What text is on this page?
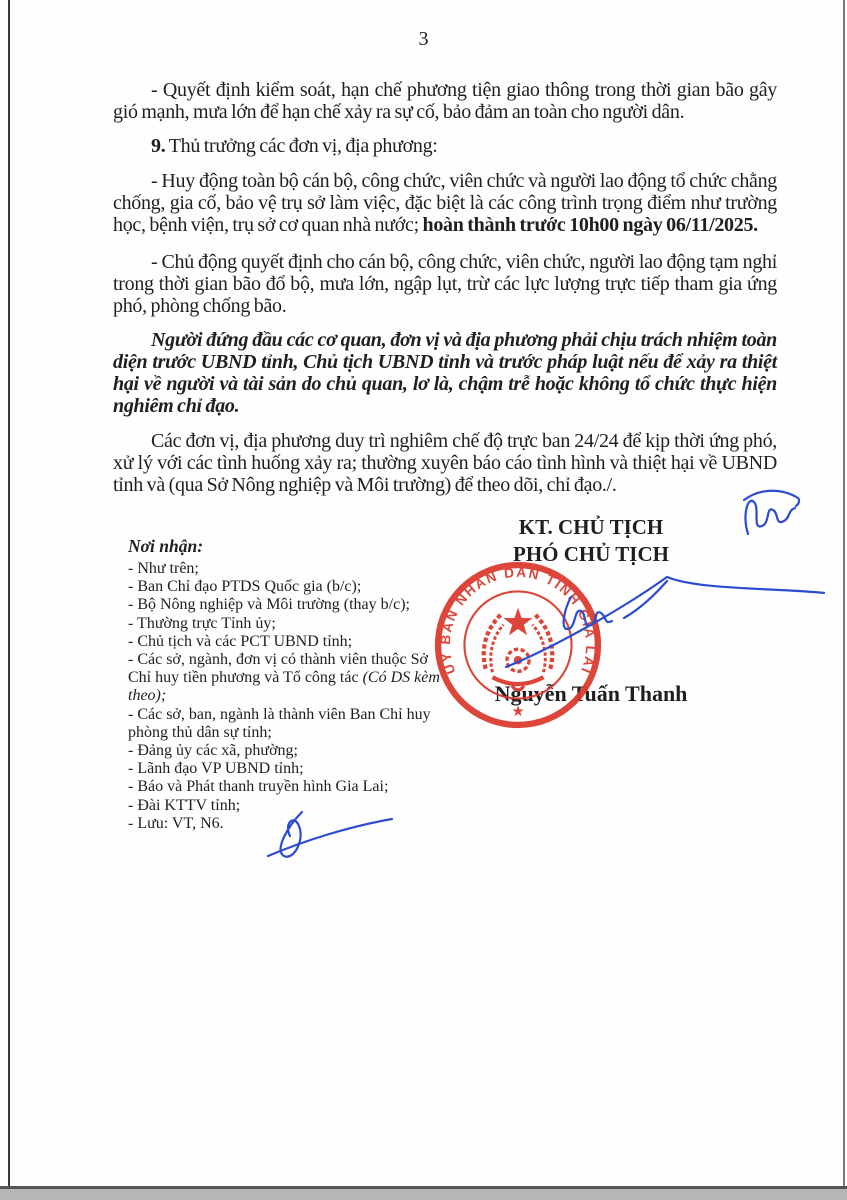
3

- Quyết định kiểm soát, hạn chế phương tiện giao thông trong thời gian bão gây gió mạnh, mưa lớn để hạn chế xảy ra sự cố, bảo đảm an toàn cho người dân.

9. Thủ trưởng các đơn vị, địa phương:

- Huy động toàn bộ cán bộ, công chức, viên chức và người lao động tổ chức chằng chống, gia cố, bảo vệ trụ sở làm việc, đặc biệt là các công trình trọng điểm như trường học, bệnh viện, trụ sở cơ quan nhà nước; hoàn thành trước 10h00 ngày 06/11/2025.

- Chủ động quyết định cho cán bộ, công chức, viên chức, người lao động tạm nghỉ trong thời gian bão đổ bộ, mưa lớn, ngập lụt, trừ các lực lượng trực tiếp tham gia ứng phó, phòng chống bão.

Người đứng đầu các cơ quan, đơn vị và địa phương phải chịu trách nhiệm toàn diện trước UBND tỉnh, Chủ tịch UBND tỉnh và trước pháp luật nếu để xảy ra thiệt hại về người và tài sản do chủ quan, lơ là, chậm trễ hoặc không tổ chức thực hiện nghiêm chỉ đạo.

Các đơn vị, địa phương duy trì nghiêm chế độ trực ban 24/24 để kịp thời ứng phó, xử lý với các tình huống xảy ra; thường xuyên báo cáo tình hình và thiệt hại về UBND tỉnh và (qua Sở Nông nghiệp và Môi trường) để theo dõi, chỉ đạo./.

KT. CHỦ TỊCH
PHÓ CHỦ TỊCH
Nơi nhận:
- Như trên;
- Ban Chỉ đạo PTDS Quốc gia (b/c);
- Bộ Nông nghiệp và Môi trường (thay b/c);
- Thường trực Tỉnh ủy;
- Chủ tịch và các PCT UBND tỉnh;
- Các sở, ngành, đơn vị có thành viên thuộc Sở Chỉ huy tiền phương và Tổ công tác (Có DS kèm theo);
- Các sở, ban, ngành là thành viên Ban Chỉ huy phòng thủ dân sự tỉnh;
- Đảng ủy các xã, phường;
- Lãnh đạo VP UBND tỉnh;
- Báo và Phát thanh truyền hình Gia Lai;
- Đài KTTV tỉnh;
- Lưu: VT, N6.
Nguyễn Tuấn Thanh
ỦY BAN NHÂN DÂN TỈNH GIA LAI
★
